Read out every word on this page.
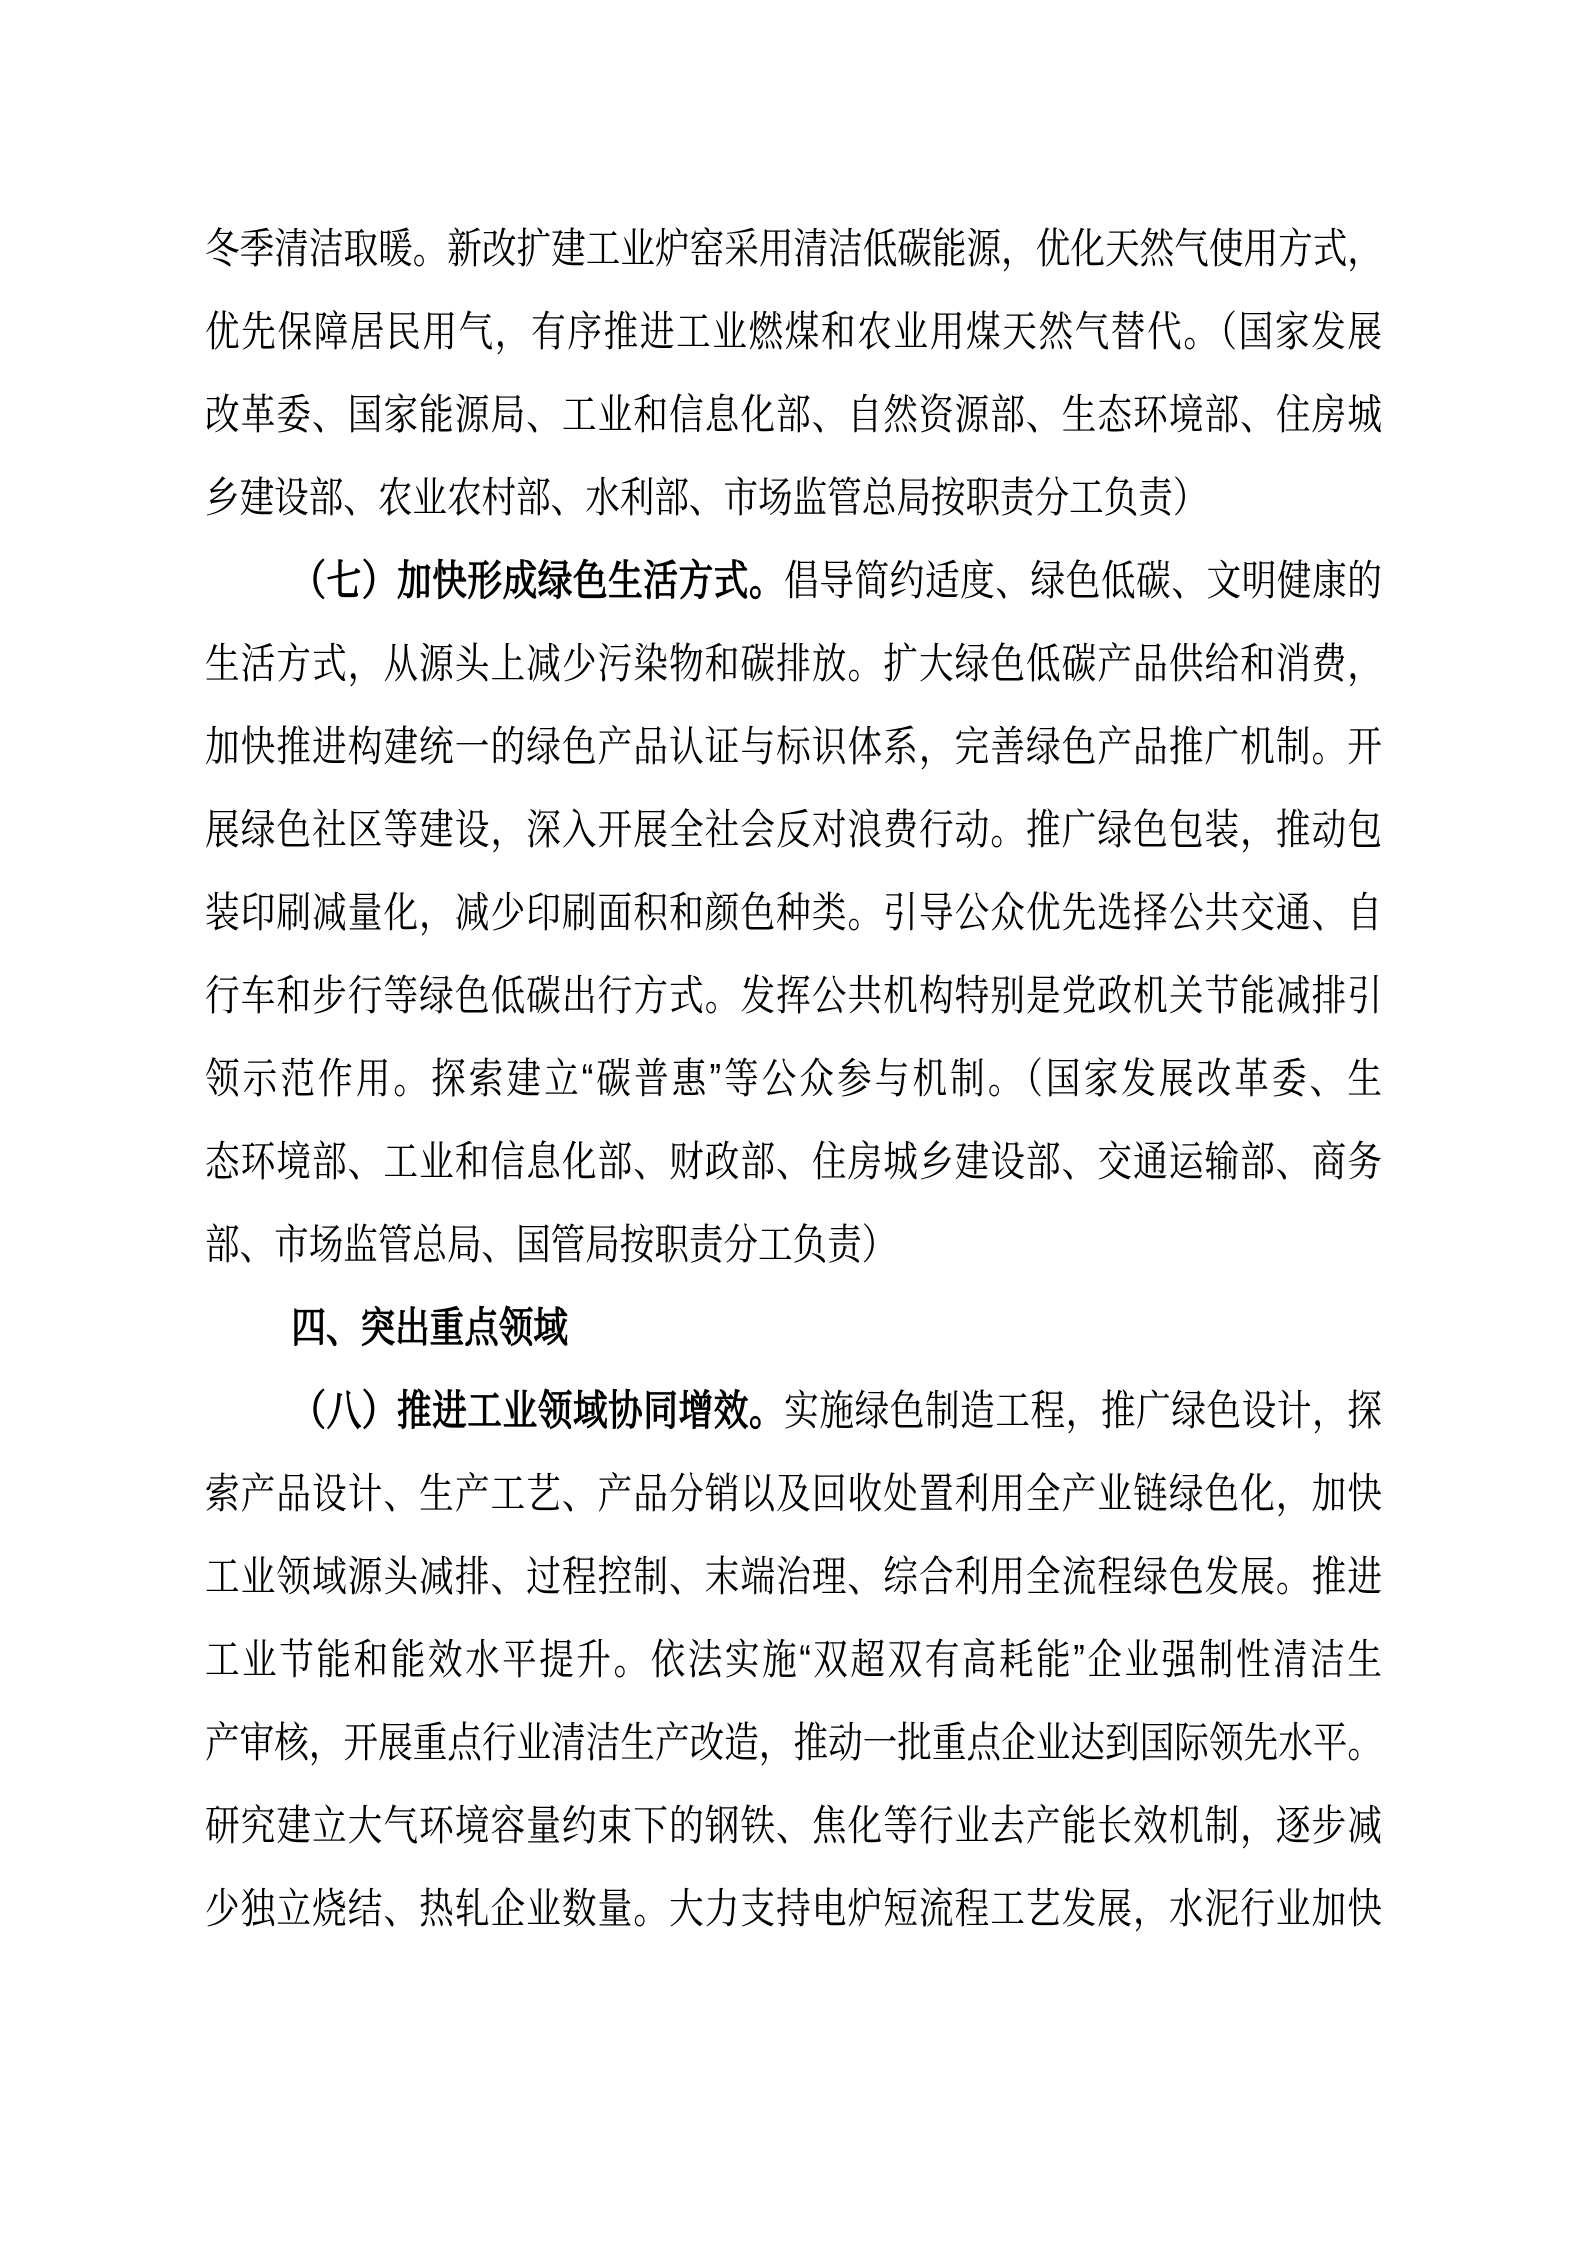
冬季清洁取暖。新改扩建工业炉窑采用清洁低碳能源，优化天然气使用方式，
优先保障居民用气，有序推进工业燃煤和农业用煤天然气替代。（国家发展
改革委、国家能源局、工业和信息化部、自然资源部、生态环境部、住房城
乡建设部、农业农村部、水利部、市场监管总局按职责分工负责）
（七）加快形成绿色生活方式。倡导简约适度、绿色低碳、文明健康的
生活方式，从源头上减少污染物和碳排放。扩大绿色低碳产品供给和消费，
加快推进构建统一的绿色产品认证与标识体系，完善绿色产品推广机制。开
展绿色社区等建设，深入开展全社会反对浪费行动。推广绿色包装，推动包
装印刷减量化，减少印刷面积和颜色种类。引导公众优先选择公共交通、自
行车和步行等绿色低碳出行方式。发挥公共机构特别是党政机关节能减排引
领示范作用。探索建立“碳普惠”等公众参与机制。（国家发展改革委、生
态环境部、工业和信息化部、财政部、住房城乡建设部、交通运输部、商务
部、市场监管总局、国管局按职责分工负责）
四、突出重点领域
（八）推进工业领域协同增效。实施绿色制造工程，推广绿色设计，探
索产品设计、生产工艺、产品分销以及回收处置利用全产业链绿色化，加快
工业领域源头减排、过程控制、末端治理、综合利用全流程绿色发展。推进
工业节能和能效水平提升。依法实施“双超双有高耗能”企业强制性清洁生
产审核，开展重点行业清洁生产改造，推动一批重点企业达到国际领先水平。
研究建立大气环境容量约束下的钢铁、焦化等行业去产能长效机制，逐步减
少独立烧结、热轧企业数量。大力支持电炉短流程工艺发展，水泥行业加快
